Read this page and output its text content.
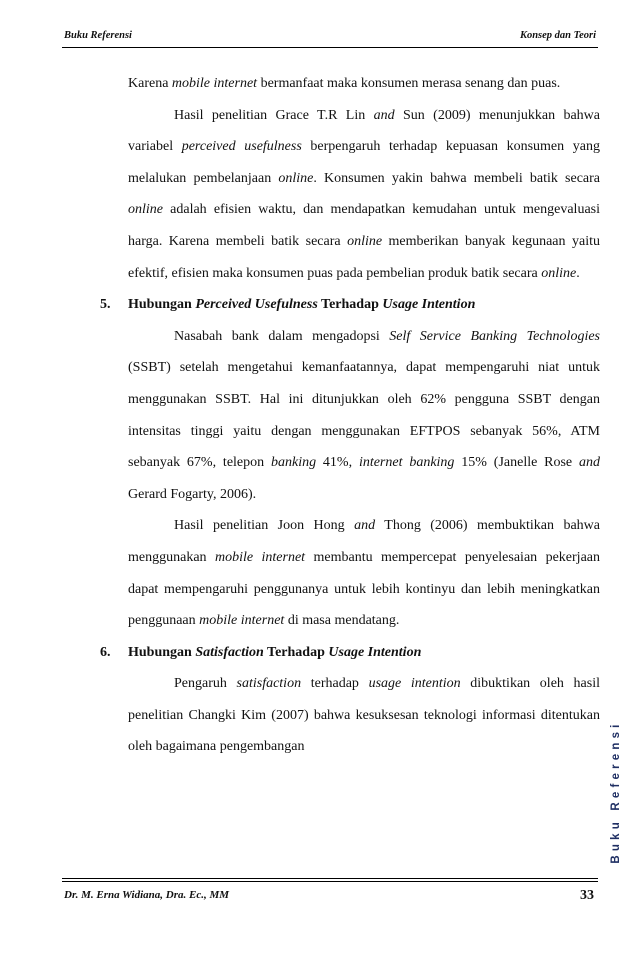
Buku Referensi	Konsep dan Teori

Karena mobile internet bermanfaat maka konsumen merasa senang dan puas.

Hasil penelitian Grace T.R Lin and Sun (2009) menunjukkan bahwa variabel perceived usefulness berpengaruh terhadap kepuasan konsumen yang melalukan pembelanjaan online. Konsumen yakin bahwa membeli batik secara online adalah efisien waktu, dan mendapatkan kemudahan untuk mengevaluasi harga. Karena membeli batik secara online memberikan banyak kegunaan yaitu efektif, efisien maka konsumen puas pada pembelian produk batik secara online.

5. Hubungan Perceived Usefulness Terhadap Usage Intention

Nasabah bank dalam mengadopsi Self Service Banking Technologies (SSBT) setelah mengetahui kemanfaatannya, dapat mempengaruhi niat untuk menggunakan SSBT. Hal ini ditunjukkan oleh 62% pengguna SSBT dengan intensitas tinggi yaitu dengan menggunakan EFTPOS sebanyak 56%, ATM sebanyak 67%, telepon banking 41%, internet banking 15% (Janelle Rose and Gerard Fogarty, 2006).

Hasil penelitian Joon Hong and Thong (2006) membuktikan bahwa menggunakan mobile internet membantu mempercepat penyelesaian pekerjaan dapat mempengaruhi penggunanya untuk lebih kontinyu dan lebih meningkatkan penggunaan mobile internet di masa mendatang.

6. Hubungan Satisfaction Terhadap Usage Intention

Pengaruh satisfaction terhadap usage intention dibuktikan oleh hasil penelitian Changki Kim (2007) bahwa kesuksesan teknologi informasi ditentukan oleh bagaimana pengembangan	Buku Referensi
Dr. M. Erna Widiana, Dra. Ec., MM	33
